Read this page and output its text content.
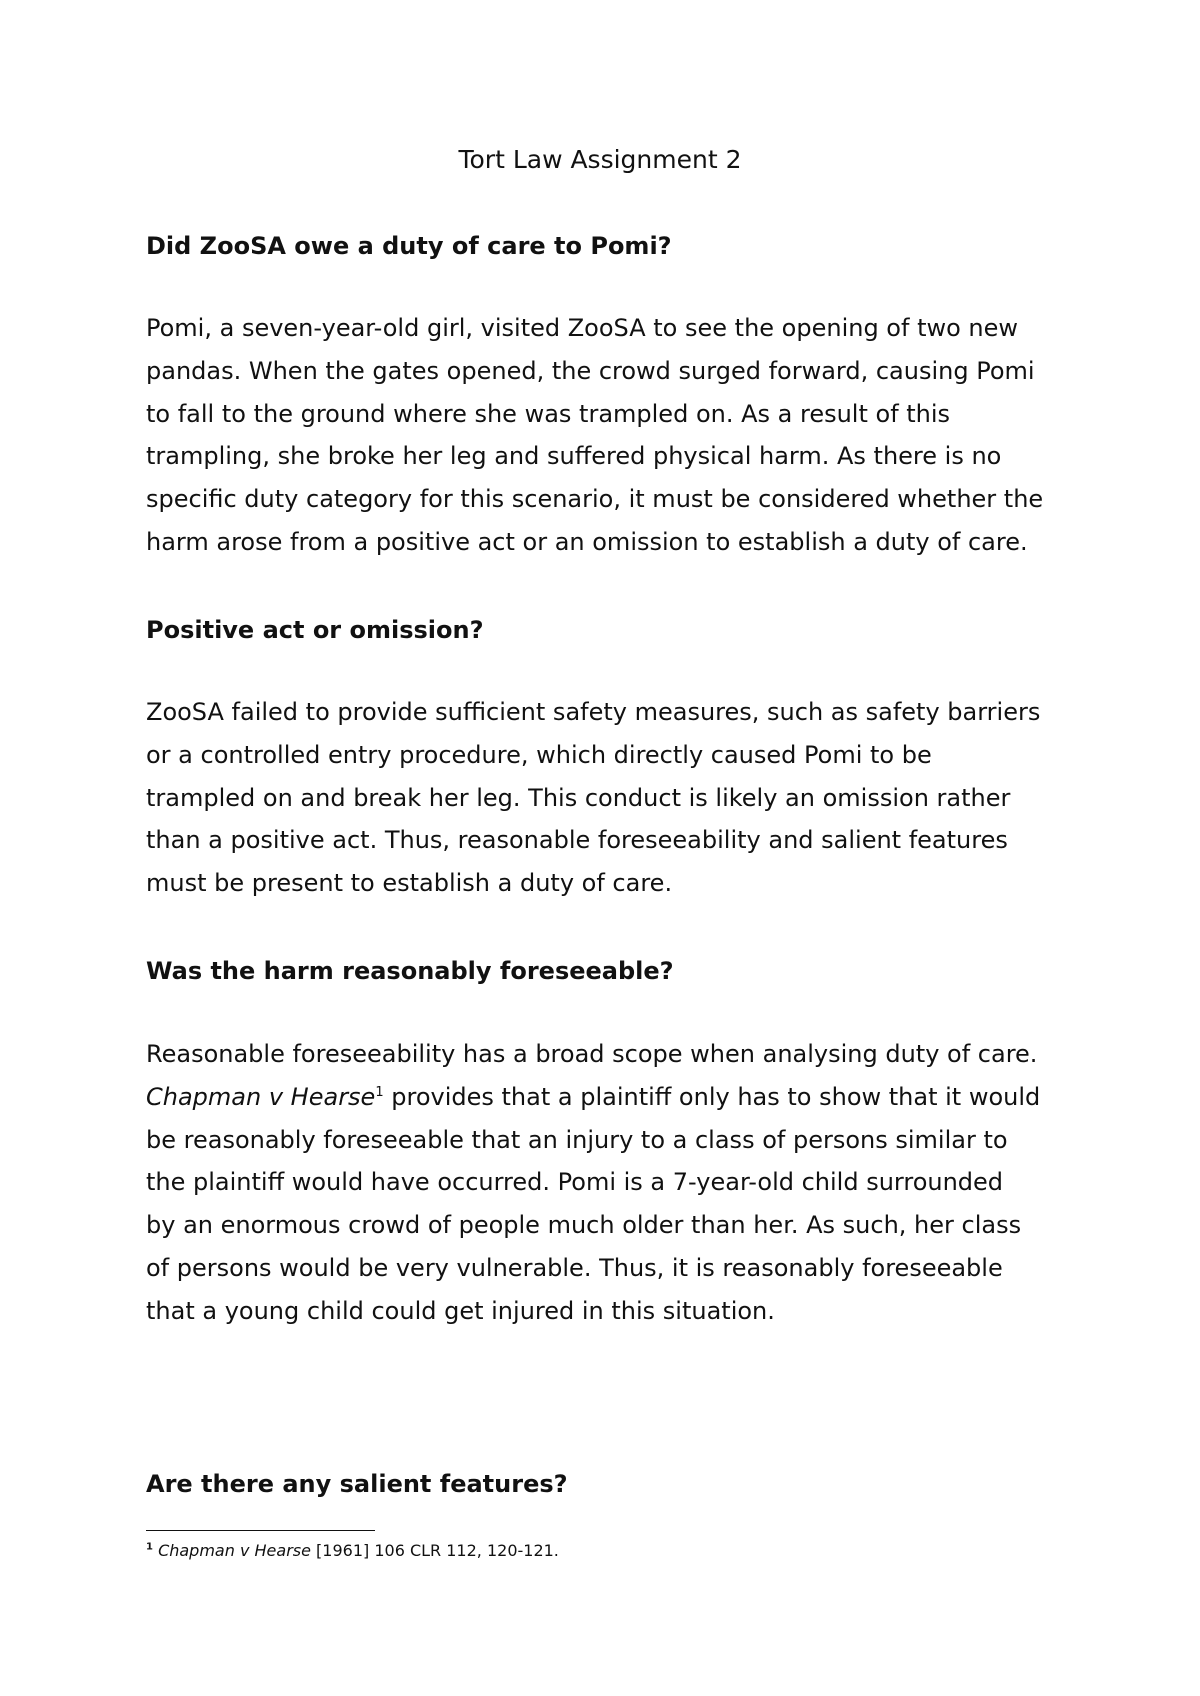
Tort Law Assignment 2
Did ZooSA owe a duty of care to Pomi?

Pomi, a seven-year-old girl, visited ZooSA to see the opening of two new
pandas. When the gates opened, the crowd surged forward, causing Pomi
to fall to the ground where she was trampled on. As a result of this
trampling, she broke her leg and suffered physical harm. As there is no
specific duty category for this scenario, it must be considered whether the
harm arose from a positive act or an omission to establish a duty of care.

Positive act or omission?

ZooSA failed to provide sufficient safety measures, such as safety barriers
or a controlled entry procedure, which directly caused Pomi to be
trampled on and break her leg. This conduct is likely an omission rather
than a positive act. Thus, reasonable foreseeability and salient features
must be present to establish a duty of care.

Was the harm reasonably foreseeable?

Reasonable foreseeability has a broad scope when analysing duty of care.
Chapman v Hearse$^1$ provides that a plaintiff only has to show that it would
be reasonably foreseeable that an injury to a class of persons similar to
the plaintiff would have occurred. Pomi is a 7-year-old child surrounded
by an enormous crowd of people much older than her. As such, her class
of persons would be very vulnerable. Thus, it is reasonably foreseeable
that a young child could get injured in this situation.

Are there any salient features?

$^1$ Chapman v Hearse [1961] 106 CLR 112, 120-121.
